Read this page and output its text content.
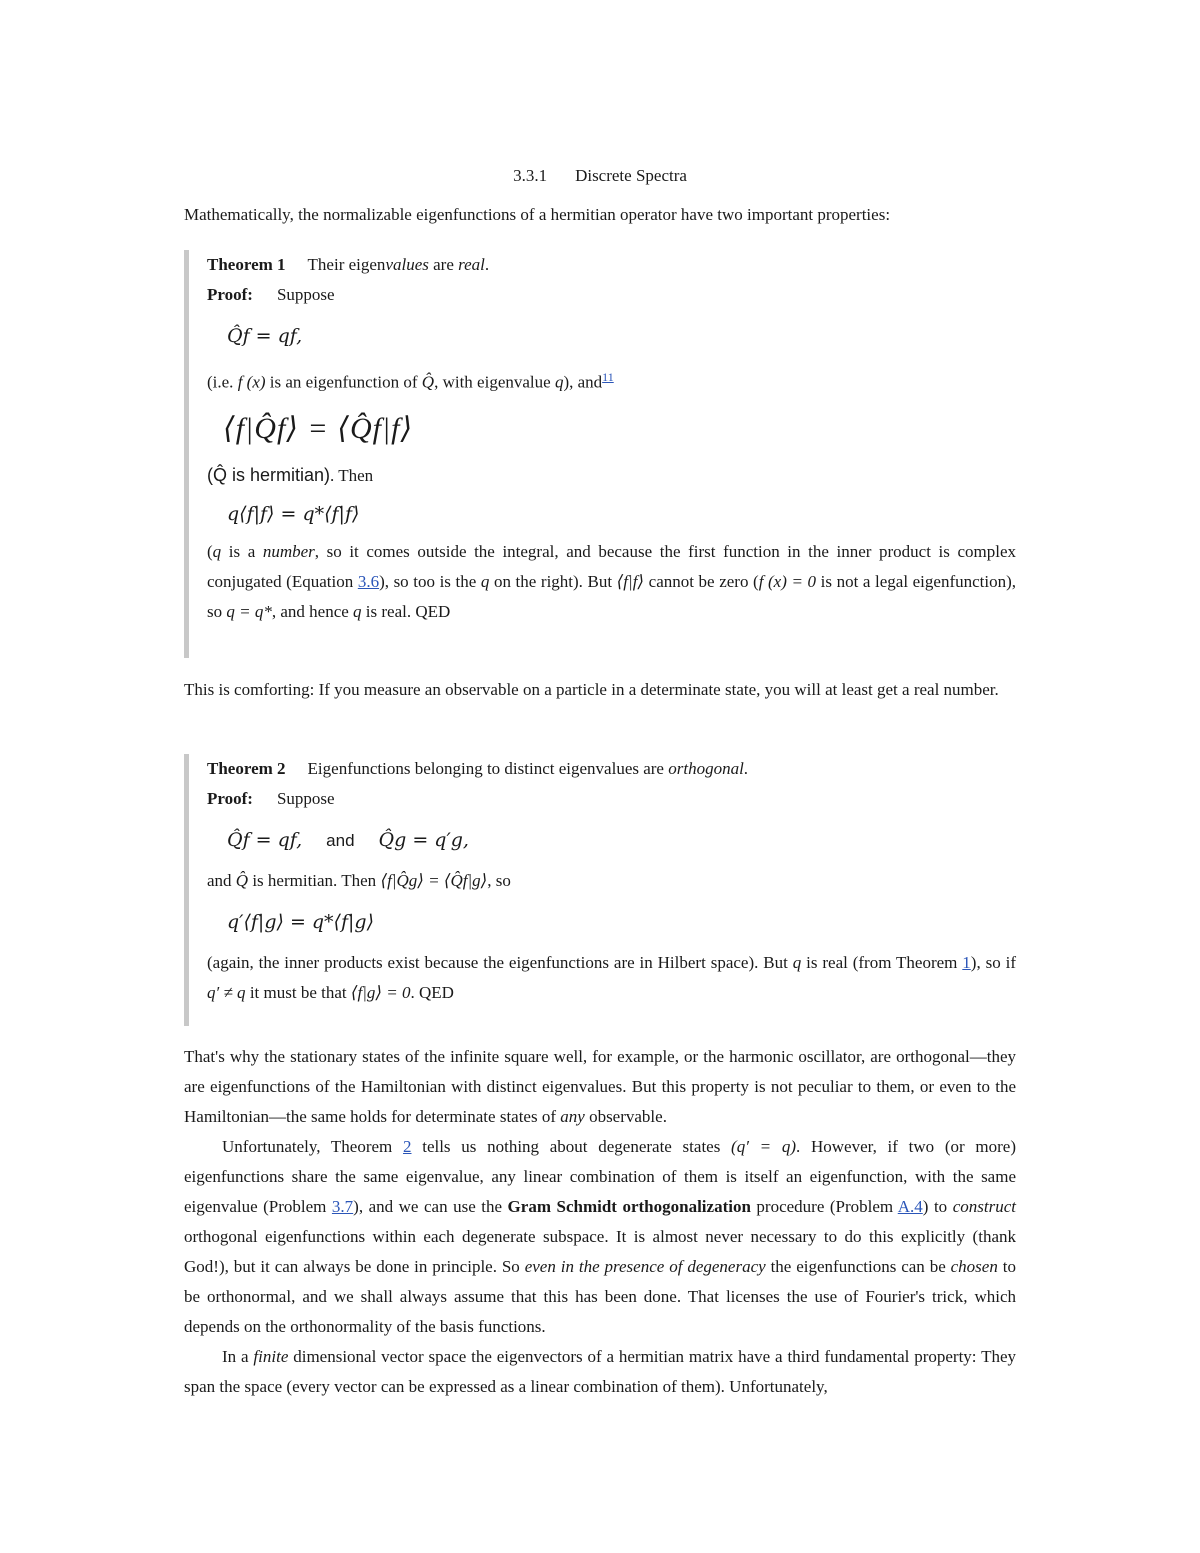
3.3.1 Discrete Spectra

Mathematically, the normalizable eigenfunctions of a hermitian operator have two important properties:

Theorem 1 Their eigenvalues are real.

Proof: Suppose

Q̂f = qf,

(i.e. f (x) is an eigenfunction of Q̂, with eigenvalue q), and$^{11}$

⟨f|Q̂f⟩ = ⟨Q̂f|f⟩

(Q̂ is hermitian). Then

q⟨f|f⟩ = q*⟨f|f⟩

(q is a number, so it comes outside the integral, and because the first function in the inner product is complex conjugated (Equation 3.6), so too is the q on the right). But ⟨f|f⟩ cannot be zero (f (x) = 0 is not a legal eigenfunction), so q = q*, and hence q is real. QED

This is comforting: If you measure an observable on a particle in a determinate state, you will at least get a real number.

Theorem 2 Eigenfunctions belonging to distinct eigenvalues are orthogonal.

Proof: Suppose

Q̂f = qf, and Q̂g = q′g,

and Q̂ is hermitian. Then ⟨f|Q̂g⟩ = ⟨Q̂f|g⟩, so

q′⟨f|g⟩ = q*⟨f|g⟩

(again, the inner products exist because the eigenfunctions are in Hilbert space). But q is real (from Theorem 1), so if q′ ≠ q it must be that ⟨f|g⟩ = 0. QED

That's why the stationary states of the infinite square well, for example, or the harmonic oscillator, are orthogonal—they are eigenfunctions of the Hamiltonian with distinct eigenvalues. But this property is not peculiar to them, or even to the Hamiltonian—the same holds for determinate states of any observable.

Unfortunately, Theorem 2 tells us nothing about degenerate states (q′ = q). However, if two (or more) eigenfunctions share the same eigenvalue, any linear combination of them is itself an eigenfunction, with the same eigenvalue (Problem 3.7), and we can use the Gram Schmidt orthogonalization procedure (Problem A.4) to construct orthogonal eigenfunctions within each degenerate subspace. It is almost never necessary to do this explicitly (thank God!), but it can always be done in principle. So even in the presence of degeneracy the eigenfunctions can be chosen to be orthonormal, and we shall always assume that this has been done. That licenses the use of Fourier's trick, which depends on the orthonormality of the basis functions.

In a finite dimensional vector space the eigenvectors of a hermitian matrix have a third fundamental property: They span the space (every vector can be expressed as a linear combination of them). Unfortunately,
